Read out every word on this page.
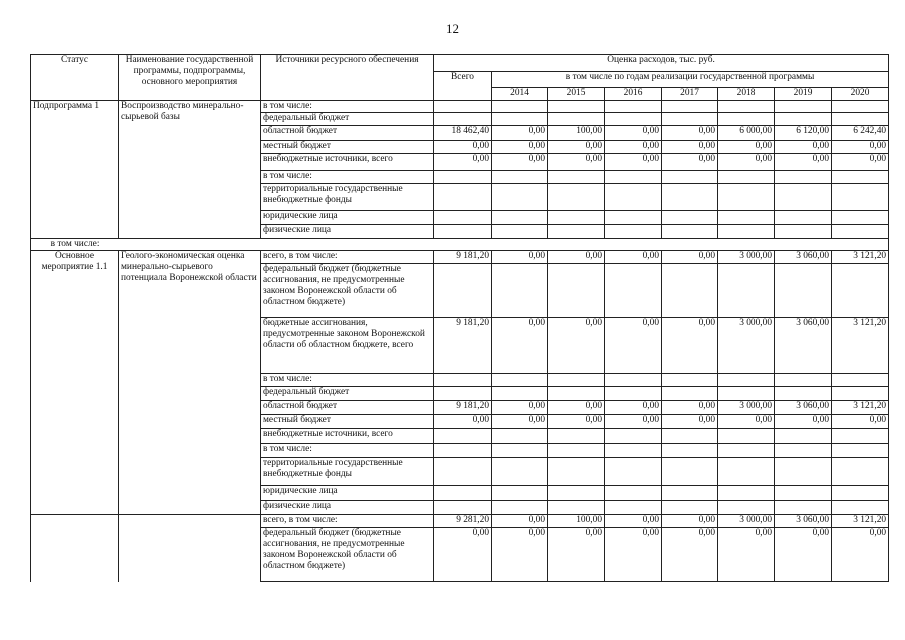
12
Статус	Наименование государственной программы, подпрограммы, основного мероприятия	Источники ресурсного обеспечения	Оценка расходов, тыс. руб.							
			Всего	в том числе по годам реализации государственной программы						
				2014	2015	2016	2017	2018	2019	2020
Подпрограмма 1	Воспроизводство минерально-сырьевой базы	в том числе:								
		федеральный бюджет								
		областной бюджет	18 462,40	0,00	100,00	0,00	0,00	6 000,00	6 120,00	6 242,40
		местный бюджет	0,00	0,00	0,00	0,00	0,00	0,00	0,00	0,00
		внебюджетные источники, всего	0,00	0,00	0,00	0,00	0,00	0,00	0,00	0,00
		в том числе:								
		территориальные государственные внебюджетные фонды								
		юридические лица								
		физические лица								
в том числе:										
Основное мероприятие 1.1	Геолого-экономическая оценка минерально-сырьевого потенциала Воронежской области	всего, в том числе:	9 181,20	0,00	0,00	0,00	0,00	3 000,00	3 060,00	3 121,20
		федеральный бюджет (бюджетные ассигнования, не предусмотренные законом Воронежской области об областном бюджете)								
		бюджетные ассигнования, предусмотренные законом Воронежской области об областном бюджете, всего	9 181,20	0,00	0,00	0,00	0,00	3 000,00	3 060,00	3 121,20
		в том числе:								
		федеральный бюджет								
		областной бюджет	9 181,20	0,00	0,00	0,00	0,00	3 000,00	3 060,00	3 121,20
		местный бюджет	0,00	0,00	0,00	0,00	0,00	0,00	0,00	0,00
		внебюджетные источники, всего								
		в том числе:								
		территориальные государственные внебюджетные фонды								
		юридические лица								
		физические лица								
		всего, в том числе:	9 281,20	0,00	100,00	0,00	0,00	3 000,00	3 060,00	3 121,20
		федеральный бюджет (бюджетные ассигнования, не предусмотренные законом Воронежской области об областном бюджете)	0,00	0,00	0,00	0,00	0,00	0,00	0,00	0,00
